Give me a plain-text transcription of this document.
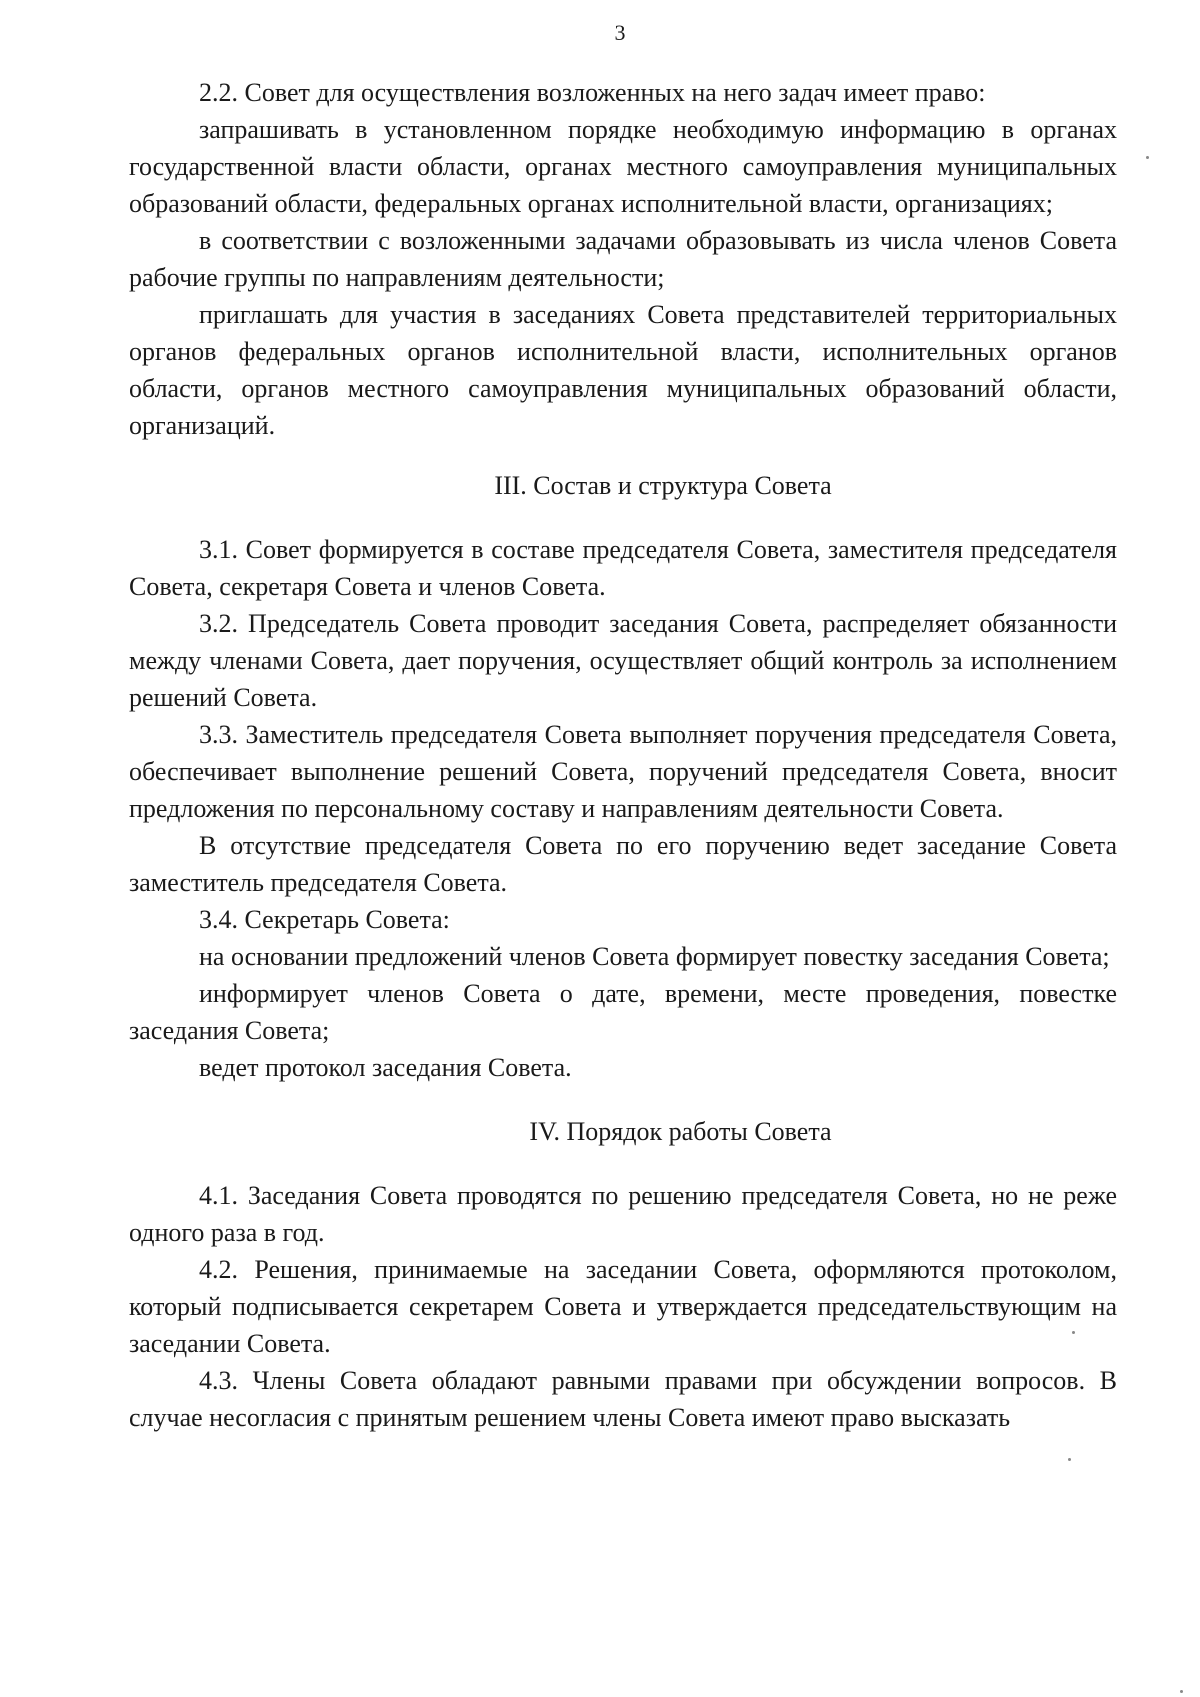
3

2.2. Совет для осуществления возложенных на него задач имеет право:

запрашивать в установленном порядке необходимую информацию в органах государственной власти области, органах местного самоуправления муниципальных образований области, федеральных органах исполнительной власти, организациях;

в соответствии с возложенными задачами образовывать из числа членов Совета рабочие группы по направлениям деятельности;

приглашать для участия в заседаниях Совета представителей территориальных органов федеральных органов исполнительной власти, исполнительных органов области, органов местного самоуправления муниципальных образований области, организаций.

III. Состав и структура Совета

3.1. Совет формируется в составе председателя Совета, заместителя председателя Совета, секретаря Совета и членов Совета.

3.2. Председатель Совета проводит заседания Совета, распределяет обязанности между членами Совета, дает поручения, осуществляет общий контроль за исполнением решений Совета.

3.3. Заместитель председателя Совета выполняет поручения председателя Совета, обеспечивает выполнение решений Совета, поручений председателя Совета, вносит предложения по персональному составу и направлениям деятельности Совета.

В отсутствие председателя Совета по его поручению ведет заседание Совета заместитель председателя Совета.

3.4. Секретарь Совета:

на основании предложений членов Совета формирует повестку заседания Совета;

информирует членов Совета о дате, времени, месте проведения, повестке заседания Совета;

ведет протокол заседания Совета.

IV. Порядок работы Совета

4.1. Заседания Совета проводятся по решению председателя Совета, но не реже одного раза в год.

4.2. Решения, принимаемые на заседании Совета, оформляются протоколом, который подписывается секретарем Совета и утверждается председательствующим на заседании Совета.

4.3. Члены Совета обладают равными правами при обсуждении вопросов. В случае несогласия с принятым решением члены Совета имеют право высказать
